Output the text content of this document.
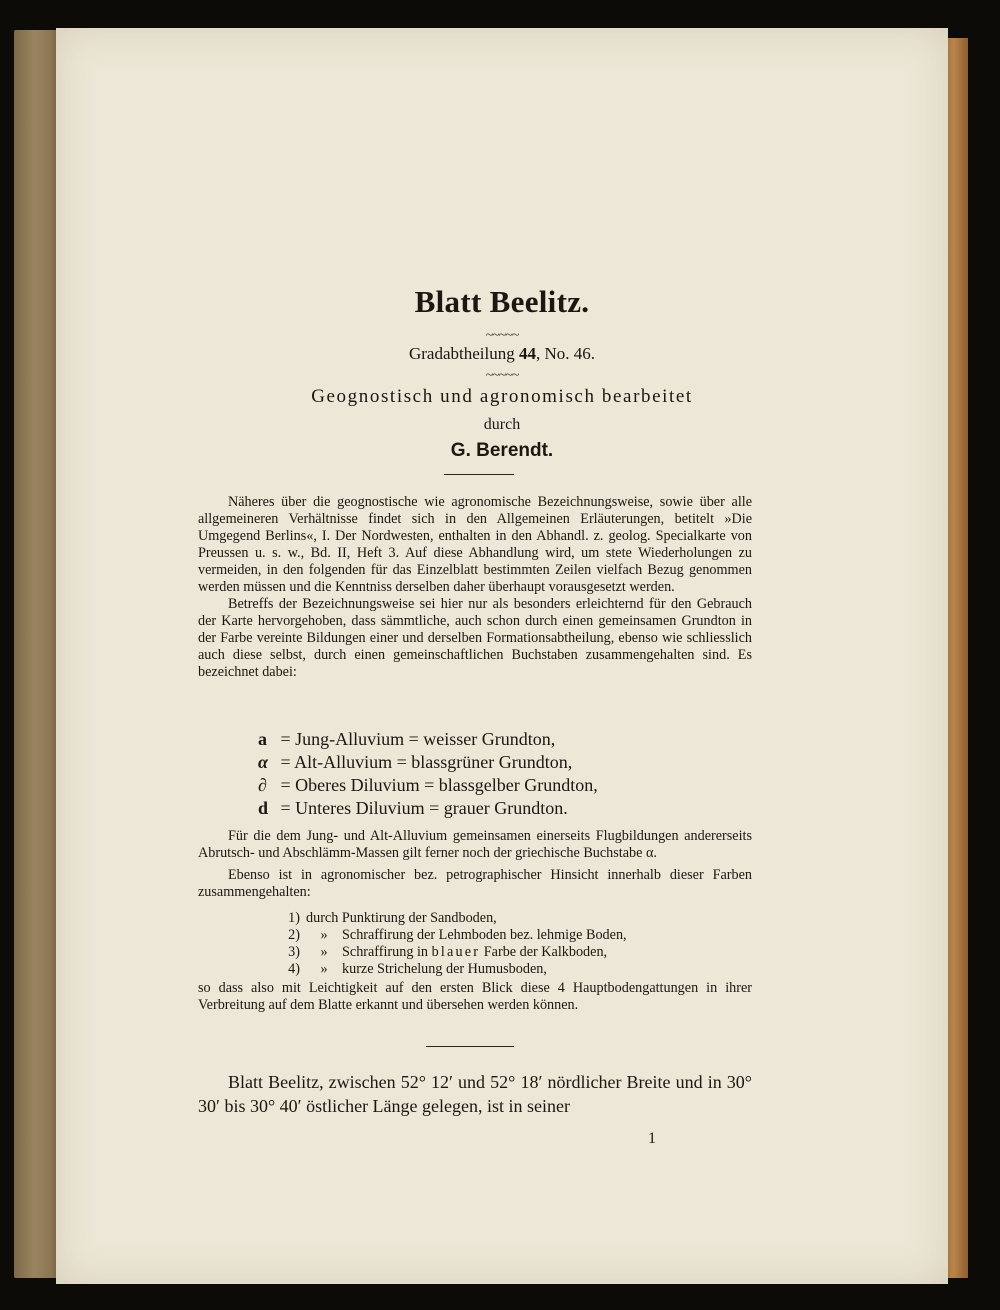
Blatt Beelitz.
~~~~~
Gradabtheilung 44, No. 46.
~~~~~
Geognostisch und agronomisch bearbeitet
durch
G. Berendt.

Näheres über die geognostische wie agronomische Bezeichnungsweise, sowie über alle allgemeineren Verhältnisse findet sich in den Allgemeinen Erläuterungen, betitelt »Die Umgegend Berlins«, I. Der Nordwesten, enthalten in den Abhandl. z. geolog. Specialkarte von Preussen u. s. w., Bd. II, Heft 3. Auf diese Abhandlung wird, um stete Wiederholungen zu vermeiden, in den folgenden für das Einzelblatt bestimmten Zeilen vielfach Bezug genommen werden müssen und die Kenntniss derselben daher überhaupt vorausgesetzt werden.

Betreffs der Bezeichnungsweise sei hier nur als besonders erleichternd für den Gebrauch der Karte hervorgehoben, dass sämmtliche, auch schon durch einen gemeinsamen Grundton in der Farbe vereinte Bildungen einer und derselben Formationsabtheilung, ebenso wie schliesslich auch diese selbst, durch einen gemeinschaftlichen Buchstaben zusammengehalten sind. Es bezeichnet dabei:

a = Jung-Alluvium = weisser Grundton,
α = Alt-Alluvium = blassgrüner Grundton,
∂ = Oberes Diluvium = blassgelber Grundton,
d = Unteres Diluvium = grauer Grundton.

Für die dem Jung- und Alt-Alluvium gemeinsamen einerseits Flugbildungen andererseits Abrutsch- und Abschlämm-Massen gilt ferner noch der griechische Buchstabe α.

Ebenso ist in agronomischer bez. petrographischer Hinsicht innerhalb dieser Farben zusammengehalten:

1) durch Punktirung der Sandboden,
2) » Schraffirung der Lehmboden bez. lehmige Boden,
3) » Schraffirung in blauer Farbe der Kalkboden,
4) » kurze Strichelung der Humusboden,

so dass also mit Leichtigkeit auf den ersten Blick diese 4 Hauptbodengattungen in ihrer Verbreitung auf dem Blatte erkannt und übersehen werden können.

Blatt Beelitz, zwischen 52° 12′ und 52° 18′ nördlicher Breite und in 30° 30′ bis 30° 40′ östlicher Länge gelegen, ist in seiner

1
